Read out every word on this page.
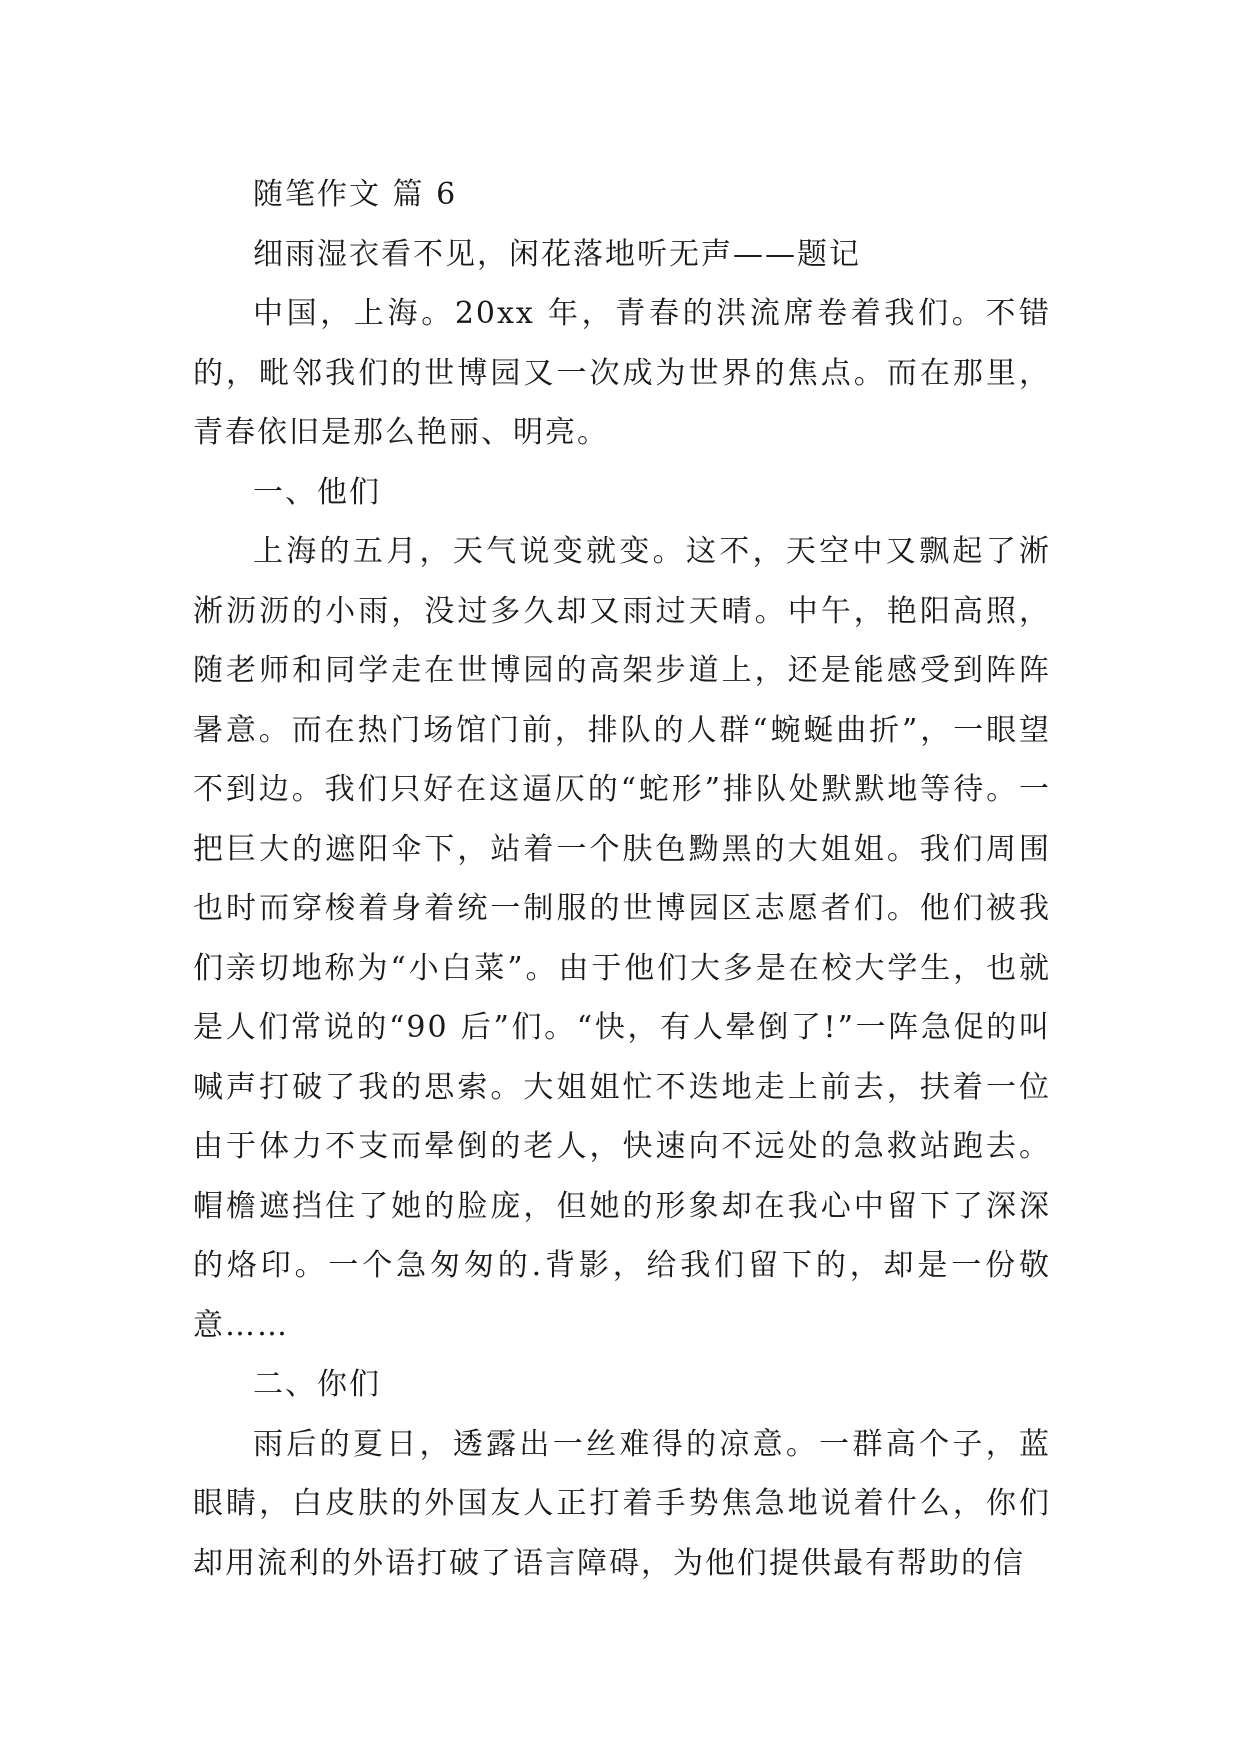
随笔作文 篇 6

细雨湿衣看不见，闲花落地听无声——题记

中国，上海。20xx 年，青春的洪流席卷着我们。不错的，毗邻我们的世博园又一次成为世界的焦点。而在那里，青春依旧是那么艳丽、明亮。

一、他们

上海的五月，天气说变就变。这不，天空中又飘起了淅淅沥沥的小雨，没过多久却又雨过天晴。中午，艳阳高照，随老师和同学走在世博园的高架步道上，还是能感受到阵阵暑意。而在热门场馆门前，排队的人群“蜿蜒曲折”，一眼望不到边。我们只好在这逼仄的“蛇形”排队处默默地等待。一把巨大的遮阳伞下，站着一个肤色黝黑的大姐姐。我们周围也时而穿梭着身着统一制服的世博园区志愿者们。他们被我们亲切地称为“小白菜”。由于他们大多是在校大学生，也就是人们常说的“90 后”们。“快，有人晕倒了!”一阵急促的叫喊声打破了我的思索。大姐姐忙不迭地走上前去，扶着一位由于体力不支而晕倒的老人，快速向不远处的急救站跑去。帽檐遮挡住了她的脸庞，但她的形象却在我心中留下了深深的烙印。一个急匆匆的.背影，给我们留下的，却是一份敬意……

二、你们

雨后的夏日，透露出一丝难得的凉意。一群高个子，蓝眼睛，白皮肤的外国友人正打着手势焦急地说着什么，你们却用流利的外语打破了语言障碍，为他们提供最有帮助的信
